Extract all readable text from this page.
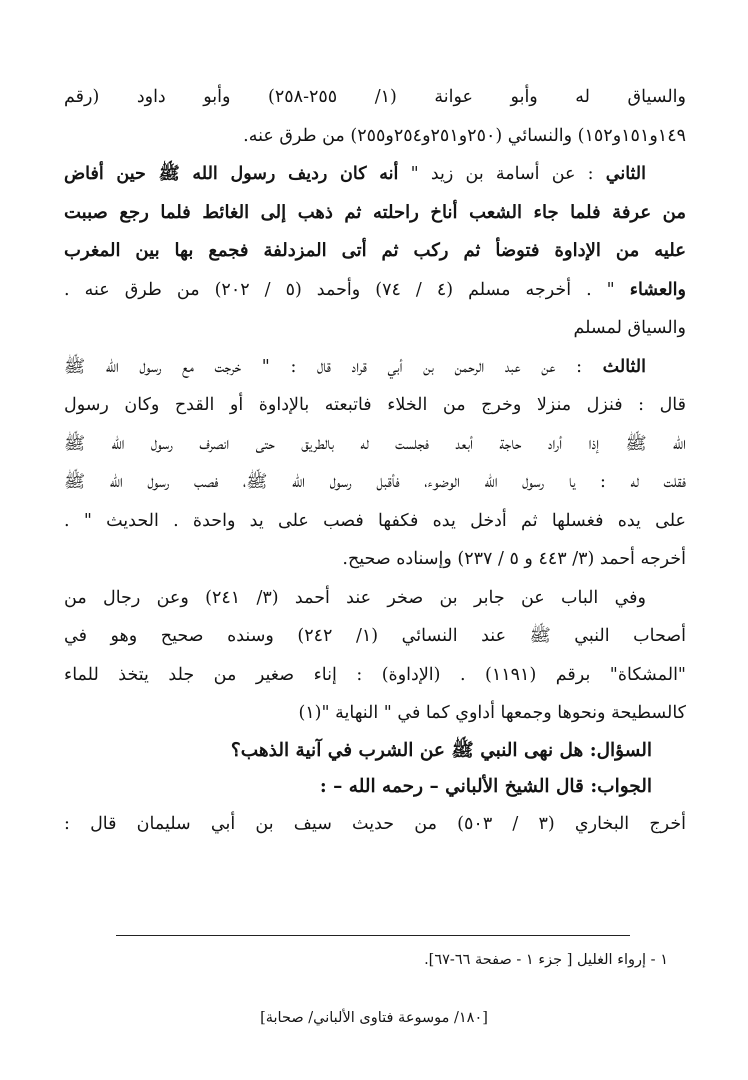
والسياق له وأبو عوانة (١/ ٢٥٥-٢٥٨) وأبو داود (رقم
١٤٩و١٥١و١٥٢) والنسائي (٢٥٠و٢٥١و٢٥٤و٢٥٥) من طرق عنه.
الثاني : عن أسامة بن زيد " أنه كان رديف رسول الله ﷺ حين أفاض
من عرفة فلما جاء الشعب أناخ راحلته ثم ذهب إلى الغائط فلما رجع صببت
عليه من الإداوة فتوضأ ثم ركب ثم أتى المزدلفة فجمع بها بين المغرب
والعشاء " . أخرجه مسلم (٤ / ٧٤) وأحمد (٥ / ٢٠٢) من طرق عنه .
والسياق لمسلم
الثالث : عن عبد الرحمن بن أبي قراد قال : " خرجت مع رسول الله ﷺ
قال : فنزل منزلا وخرج من الخلاء فاتبعته بالإداوة أو القدح وكان رسول
الله ﷺ إذا أراد حاجة أبعد فجلست له بالطريق حتى انصرف رسول الله ﷺ
فقلت له : يا رسول الله الوضوء، فأقبل رسول الله ﷺ، فصب رسول الله ﷺ
على يده فغسلها ثم أدخل يده فكفها فصب على يد واحدة . الحديث " .
أخرجه أحمد (٣/ ٤٤٣ و ٥ / ٢٣٧) وإسناده صحيح.
وفي الباب عن جابر بن صخر عند أحمد (٣/ ٢٤١) وعن رجال من
أصحاب النبي ﷺ عند النسائي (١/ ٢٤٢) وسنده صحيح وهو في
"المشكاة" برقم (١١٩١) . (الإداوة) : إناء صغير من جلد يتخذ للماء
كالسطيحة ونحوها وجمعها أداوي كما في " النهاية "(١)
السؤال: هل نهى النبي ﷺ عن الشرب في آنية الذهب؟
الجواب: قال الشيخ الألباني – رحمه الله – :
أخرج البخاري (٣ / ٥٠٣) من حديث سيف بن أبي سليمان قال :
١ - إرواء الغليل [ جزء ١ - صفحة ٦٦-٦٧].
[١٨٠/ موسوعة فتاوى الألباني/ صحابة]
